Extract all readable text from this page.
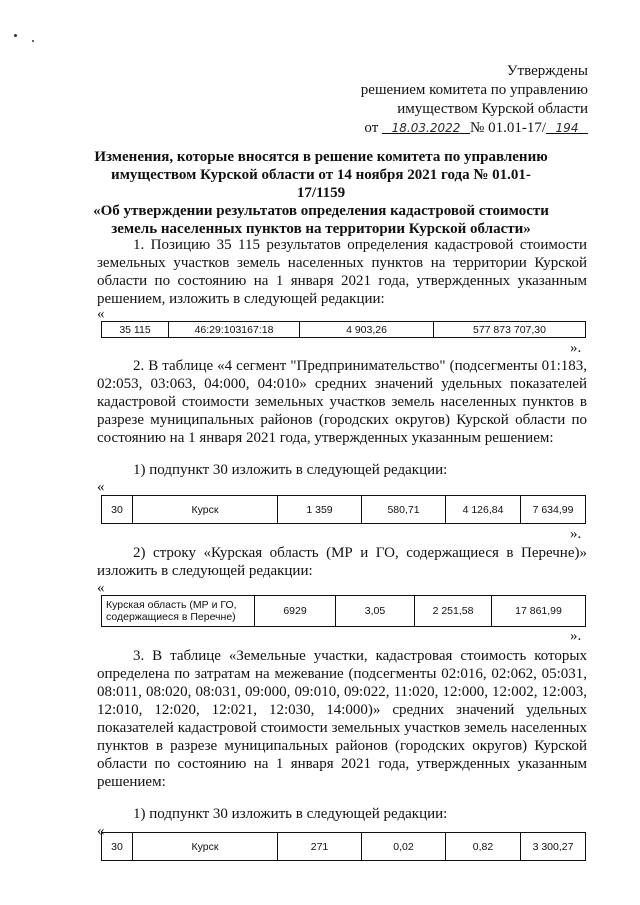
Утверждены
решением комитета по управлению
имуществом Курской области
от 18.03.2022 № 01.01-17/ 194
Изменения, которые вносятся в решение комитета по управлению
имуществом Курской области от 14 ноября 2021 года № 01.01-17/1159
«Об утверждении результатов определения кадастровой стоимости
земель населенных пунктов на территории Курской области»
1. Позицию 35 115 результатов определения кадастровой стоимости земельных участков земель населенных пунктов на территории Курской области по состоянию на 1 января 2021 года, утвержденных указанным решением, изложить в следующей редакции:
«
35 115	46:29:103167:18	4 903,26	577 873 707,30
».
2. В таблице «4 сегмент "Предпринимательство" (подсегменты 01:183, 02:053, 03:063, 04:000, 04:010» средних значений удельных показателей кадастровой стоимости земельных участков земель населенных пунктов в разрезе муниципальных районов (городских округов) Курской области по состоянию на 1 января 2021 года, утвержденных указанным решением:
1) подпункт 30 изложить в следующей редакции:
«
30	Курск	1 359	580,71	4 126,84	7 634,99
».
2) строку «Курская область (МР и ГО, содержащиеся в Перечне)» изложить в следующей редакции:
«
Курская область (МР и ГО,
содержащиеся в Перечне)	6929	3,05	2 251,58	17 861,99
».
3. В таблице «Земельные участки, кадастровая стоимость которых определена по затратам на межевание (подсегменты 02:016, 02:062, 05:031, 08:011, 08:020, 08:031, 09:000, 09:010, 09:022, 11:020, 12:000, 12:002, 12:003, 12:010, 12:020, 12:021, 12:030, 14:000)» средних значений удельных показателей кадастровой стоимости земельных участков земель населенных пунктов в разрезе муниципальных районов (городских округов) Курской области по состоянию на 1 января 2021 года, утвержденных указанным решением:
1) подпункт 30 изложить в следующей редакции:
«
30	Курск	271	0,02	0,82	3 300,27
